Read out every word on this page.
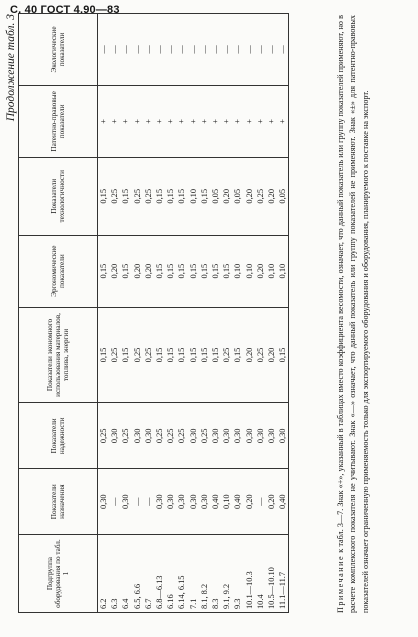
С. 40 ГОСТ 4.90—83
Продолжение табл. 3
Подгруппа оборудования по табл. 1	Показатели назначения	Показатели надежности	Показатели экономного использования материалов, топлива, энергии	Эргономические показатели	Показатели технологичности	Патентно-правовые показатели	Экологические показатели
6.2	0,30	0,25	0,15	0,15	0,15	+	—
6.3	—	0,30	0,25	0,20	0,25	+	—
6.4	0,30	0,25	0,15	0,15	0,15	+	—
6.5, 6.6	—	0,30	0,25	0,20	0,25	+	—
6.7	—	0,30	0,25	0,20	0,25	+	—
6.8—6.13	0,30	0,25	0,15	0,15	0,15	+	—
6.16	0,30	0,25	0,15	0,15	0,15	+	—
6.14, 6.15	0,30	0,25	0,15	0,15	0,15	+	—
7.1	0,30	0,30	0,15	0,15	0,10	+	—
8.1, 8.2	0,30	0,25	0,15	0,15	0,15	+	—
8.3	0,40	0,30	0,15	0,15	0,05	+	—
9.1, 9.2	0,10	0,30	0,25	0,15	0,20	+	—
9.3	0,40	0,30	0,15	0,10	0,05	+	—
10.1—10.3	0,20	0,30	0,20	0,10	0,20	+	—
10.4	—	0,30	0,25	0,20	0,25	+	—
10.5—10.10	0,20	0,30	0,20	0,10	0,20	+	—
11.1—11.7	0,40	0,30	0,15	0,10	0,05	+	—
Примечание к табл. 3—7. Знак «+», указанный в таблицах вместо коэффициента весомости, означает, что данный показатель или группу показателей применяют, но в расчете комплексного показателя не учитывают. Знак «—» означает, что данный показатель или группу показателей не применяют. Знак «±» для патентно-правовых показателей означает ограниченную применяемость только для экспортируемого оборудования и оборудования, планируемого к поставке на экспорт.
